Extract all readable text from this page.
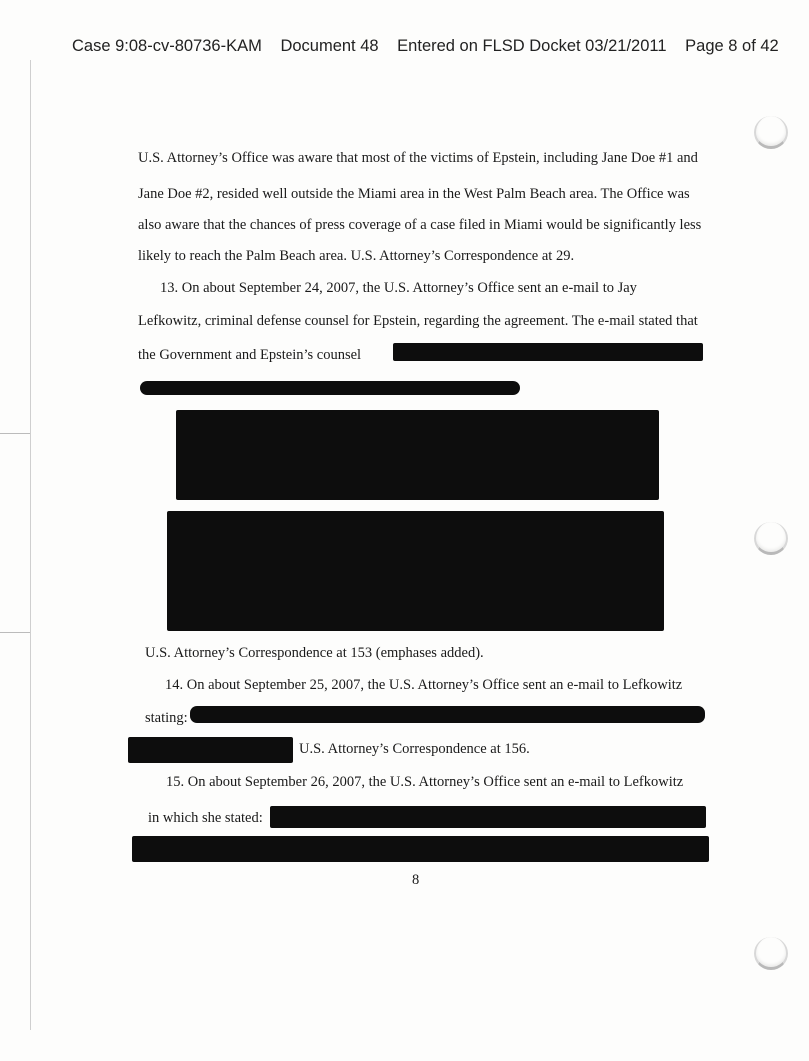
Case 9:08-cv-80736-KAM Document 48 Entered on FLSD Docket 03/21/2011 Page 8 of 42
U.S. Attorney’s Office was aware that most of the victims of Epstein, including Jane Doe #1 and
Jane Doe #2, resided well outside the Miami area in the West Palm Beach area. The Office was
also aware that the chances of press coverage of a case filed in Miami would be significantly less
likely to reach the Palm Beach area. U.S. Attorney’s Correspondence at 29.
13. On about September 24, 2007, the U.S. Attorney’s Office sent an e-mail to Jay
Lefkowitz, criminal defense counsel for Epstein, regarding the agreement. The e-mail stated that
the Government and Epstein’s counsel
U.S. Attorney’s Correspondence at 153 (emphases added).
14. On about September 25, 2007, the U.S. Attorney’s Office sent an e-mail to Lefkowitz
stating:
U.S. Attorney’s Correspondence at 156.
15. On about September 26, 2007, the U.S. Attorney’s Office sent an e-mail to Lefkowitz
in which she stated:
8
